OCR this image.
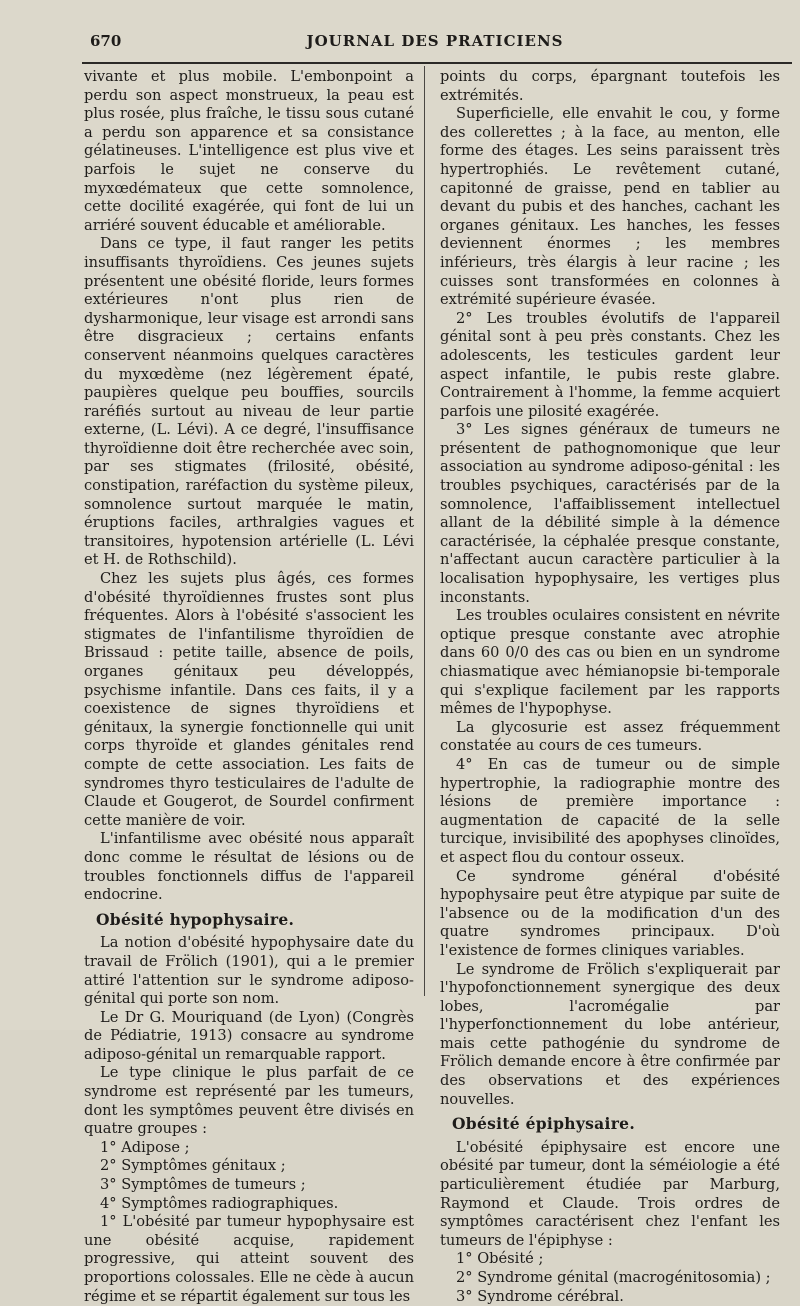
670	JOURNAL DES PRATICIENS

vivante et plus mobile. L'embonpoint a perdu son aspect monstrueux, la peau est plus rosée, plus fraîche, le tissu sous cutané a perdu son apparence et sa consistance gélatineuses. L'intelligence est plus vive et parfois le sujet ne conserve du myxœdémateux que cette somnolence, cette docilité exagérée, qui font de lui un arriéré souvent éducable et améliorable.

Dans ce type, il faut ranger les petits insuffisants thyroïdiens. Ces jeunes sujets présentent une obésité floride, leurs formes extérieures n'ont plus rien de dysharmonique, leur visage est arrondi sans être disgracieux ; certains enfants conservent néanmoins quelques caractères du myxœdème (nez légèrement épaté, paupières quelque peu bouffies, sourcils raréfiés surtout au niveau de leur partie externe, (L. Lévi). A ce degré, l'insuffisance thyroïdienne doit être recherchée avec soin, par ses stigmates (frilosité, obésité, constipation, raréfaction du système pileux, somnolence surtout marquée le matin, éruptions faciles, arthralgies vagues et transitoires, hypotension artérielle (L. Lévi et H. de Rothschild).

Chez les sujets plus âgés, ces formes d'obésité thyroïdiennes frustes sont plus fréquentes. Alors à l'obésité s'associent les stigmates de l'infantilisme thyroïdien de Brissaud : petite taille, absence de poils, organes génitaux peu développés, psychisme infantile. Dans ces faits, il y a coexistence de signes thyroïdiens et génitaux, la synergie fonctionnelle qui unit corps thyroïde et glandes génitales rend compte de cette association. Les faits de syndromes thyro testiculaires de l'adulte de Claude et Gougerot, de Sourdel confirment cette manière de voir.

L'infantilisme avec obésité nous apparaît donc comme le résultat de lésions ou de troubles fonctionnels diffus de l'appareil endocrine.

Obésité hypophysaire.

La notion d'obésité hypophysaire date du travail de Frölich (1901), qui a le premier attiré l'attention sur le syndrome adiposo-génital qui porte son nom.

Le Dr G. Mouriquand (de Lyon) (Congrès de Pédiatrie, 1913) consacre au syndrome adiposo-génital un remarquable rapport.

Le type clinique le plus parfait de ce syndrome est représenté par les tumeurs, dont les symptômes peuvent être divisés en quatre groupes :

1° Adipose ;

2° Symptômes génitaux ;

3° Symptômes de tumeurs ;

4° Symptômes radiographiques.

1° L'obésité par tumeur hypophysaire est une obésité acquise, rapidement progressive, qui atteint souvent des proportions colossales. Elle ne cède à aucun régime et se répartit également sur tous les

points du corps, épargnant toutefois les extrémités.

Superficielle, elle envahit le cou, y forme des collerettes ; à la face, au menton, elle forme des étages. Les seins paraissent très hypertrophiés. Le revêtement cutané, capitonné de graisse, pend en tablier au devant du pubis et des hanches, cachant les organes génitaux. Les hanches, les fesses deviennent énormes ; les membres inférieurs, très élargis à leur racine ; les cuisses sont transformées en colonnes à extrémité supérieure évasée.

2° Les troubles évolutifs de l'appareil génital sont à peu près constants. Chez les adolescents, les testicules gardent leur aspect infantile, le pubis reste glabre. Contrairement à l'homme, la femme acquiert parfois une pilosité exagérée.

3° Les signes généraux de tumeurs ne présentent de pathognomonique que leur association au syndrome adiposo-génital : les troubles psychiques, caractérisés par de la somnolence, l'affaiblissement intellectuel allant de la débilité simple à la démence caractérisée, la céphalée presque constante, n'affectant aucun caractère particulier à la localisation hypophysaire, les vertiges plus inconstants.

Les troubles oculaires consistent en névrite optique presque constante avec atrophie dans 60 0/0 des cas ou bien en un syndrome chiasmatique avec hémianopsie bi-temporale qui s'explique facilement par les rapports mêmes de l'hypophyse.

La glycosurie est assez fréquemment constatée au cours de ces tumeurs.

4° En cas de tumeur ou de simple hypertrophie, la radiographie montre des lésions de première importance : augmentation de capacité de la selle turcique, invisibilité des apophyses clinoïdes, et aspect flou du contour osseux.

Ce syndrome général d'obésité hypophysaire peut être atypique par suite de l'absence ou de la modification d'un des quatre syndromes principaux. D'où l'existence de formes cliniques variables.

Le syndrome de Frölich s'expliquerait par l'hypofonctionnement synergique des deux lobes, l'acromégalie par l'hyperfonctionnement du lobe antérieur, mais cette pathogénie du syndrome de Frölich demande encore à être confirmée par des observations et des expériences nouvelles.

Obésité épiphysaire.

L'obésité épiphysaire est encore une obésité par tumeur, dont la séméiologie a été particulièrement étudiée par Marburg, Raymond et Claude. Trois ordres de symptômes caractérisent chez l'enfant les tumeurs de l'épiphyse :

1° Obésité ;

2° Syndrome génital (macrogénitosomia) ;

3° Syndrome cérébral.
